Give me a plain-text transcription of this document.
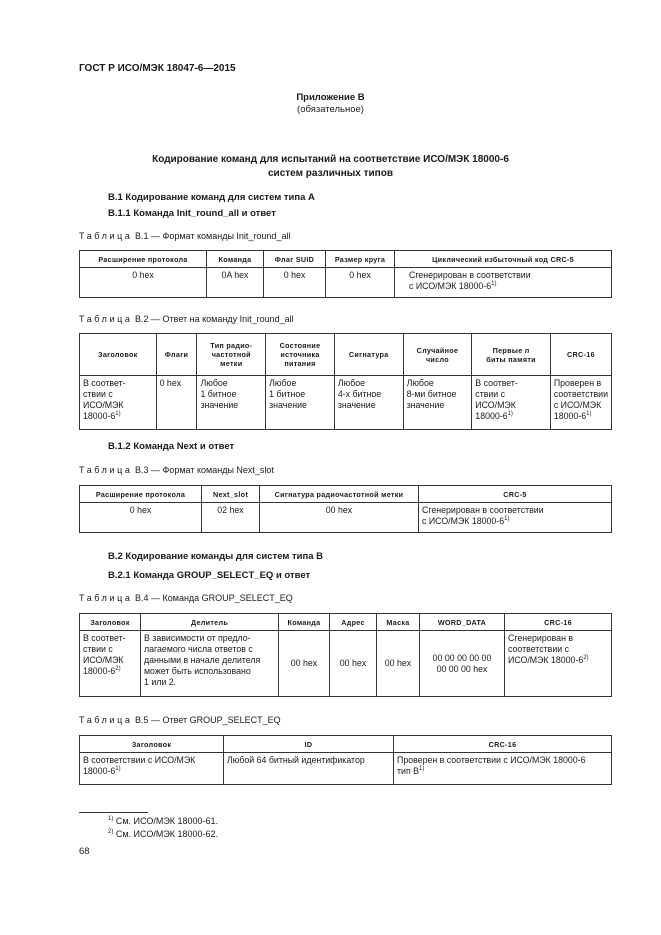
ГОСТ Р ИСО/МЭК 18047-6—2015
Приложение В
(обязательное)
Кодирование команд для испытаний на соответствие ИСО/МЭК 18000-6
систем различных типов
В.1 Кодирование команд для систем типа А
В.1.1 Команда Init_round_all и ответ
Таблица В.1 — Формат команды Init_round_all
Расширение протокола	Команда	Флаг SUID	Размер круга	Циклический избыточный код CRC-5
0 hex	0A hex	0 hex	0 hex	Сгенерирован в соответствии
с ИСО/МЭК 18000-6$^{1)}$
Таблица В.2 — Ответ на команду Init_round_all
Заголовок	Флаги	Тип радио-
частотной
метки	Состояние
источника
питания	Сигнатура	Случайное
число	Первые n
биты памяти	CRC-16
В соответ-
ствии с
ИСО/МЭК
18000-6$^{1)}$	0 hex	Любое
1 битное
значение	Любое
1 битное
значение	Любое
4-х битное
значение	Любое
8-ми битное
значение	В соответ-
ствии с
ИСО/МЭК
18000-6$^{1)}$	Проверен в
соответствии
с ИСО/МЭК
18000-6$^{1)}$
В.1.2 Команда Next и ответ
Таблица В.3 — Формат команды Next_slot
Расширение протокола	Next_slot	Сигнатура радиочастотной метки	CRC-5
0 hex	02 hex	00 hex	Сгенерирован в соответствии
с ИСО/МЭК 18000-6$^{1)}$
В.2 Кодирование команды для систем типа В
В.2.1 Команда GROUP_SELECT_EQ и ответ
Таблица В.4 — Команда GROUP_SELECT_EQ
Заголовок	Делитель	Команда	Адрес	Маска	WORD_DATA	CRC-16
В соответ-
ствии с
ИСО/МЭК
18000-6$^{2)}$	В зависимости от предло-
лагаемого числа ответов с
данными в начале делителя
может быть использовано
1 или 2.	00 hex	00 hex	00 hex	00 00 00 00 00
00 00 00 hex	Сгенерирован в
соответствии с
ИСО/МЭК 18000-6$^{2)}$
Таблица В.5 — Ответ GROUP_SELECT_EQ
Заголовок	ID	CRC-16
В соответствии с ИСО/МЭК
18000-6$^{1)}$	Любой 64 битный идентификатор	Проверен в соответствии с ИСО/МЭК 18000-6
тип $В^{1)}$
$^{1)}$ См. ИСО/МЭК 18000-61.
$^{2)}$ См. ИСО/МЭК 18000-62.
68
